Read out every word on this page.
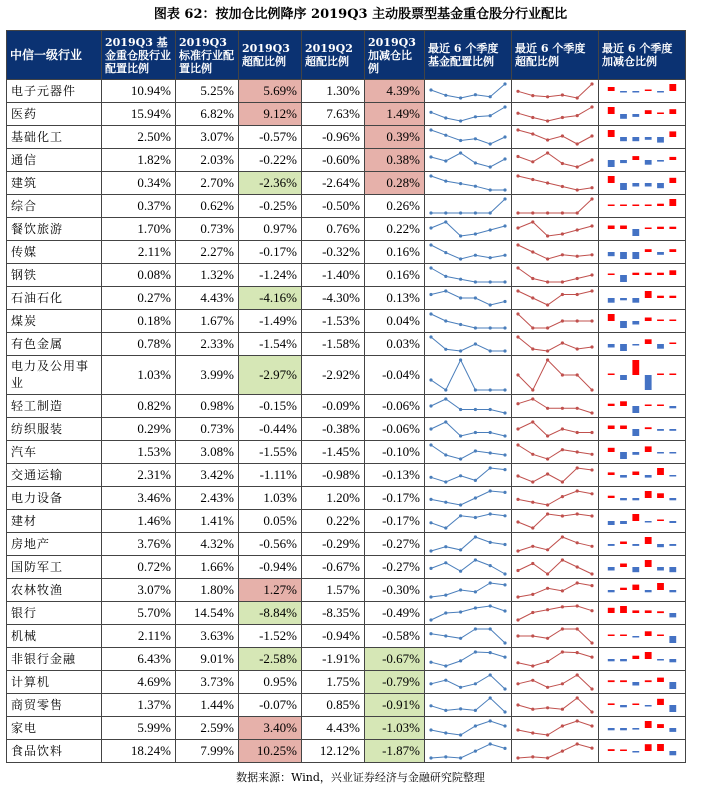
图表 62：按加仓比例降序 2019Q3 主动股票型基金重仓股分行业配比
中信一级行业	2019Q3 基金重仓股行业配置比例	2019Q3 标准行业配置比例	2019Q3 超配比例	2019Q2 超配比例	2019Q3 加减仓比例	最近 6 个季度基金配置比例	最近 6 个季度超配比例	最近 6 个季度加减仓比例
电子元器件	10.94%	5.25%	5.69%	1.30%	4.39%	

医药	15.94%	6.82%	9.12%	7.63%	1.49%	

基础化工	2.50%	3.07%	-0.57%	-0.96%	0.39%	

通信	1.82%	2.03%	-0.22%	-0.60%	0.38%	

建筑	0.34%	2.70%	-2.36%	-2.64%	0.28%	

综合	0.37%	0.62%	-0.25%	-0.50%	0.26%	

餐饮旅游	1.70%	0.73%	0.97%	0.76%	0.22%	

传媒	2.11%	2.27%	-0.17%	-0.32%	0.16%	

钢铁	0.08%	1.32%	-1.24%	-1.40%	0.16%	

石油石化	0.27%	4.43%	-4.16%	-4.30%	0.13%	

煤炭	0.18%	1.67%	-1.49%	-1.53%	0.04%	

有色金属	0.78%	2.33%	-1.54%	-1.58%	0.03%	

电力及公用事业	1.03%	3.99%	-2.97%	-2.92%	-0.04%	

轻工制造	0.82%	0.98%	-0.15%	-0.09%	-0.06%	

纺织服装	0.29%	0.73%	-0.44%	-0.38%	-0.06%	

汽车	1.53%	3.08%	-1.55%	-1.45%	-0.10%	

交通运输	2.31%	3.42%	-1.11%	-0.98%	-0.13%	

电力设备	3.46%	2.43%	1.03%	1.20%	-0.17%	

建材	1.46%	1.41%	0.05%	0.22%	-0.17%	

房地产	3.76%	4.32%	-0.56%	-0.29%	-0.27%	

国防军工	0.72%	1.66%	-0.94%	-0.67%	-0.27%	

农林牧渔	3.07%	1.80%	1.27%	1.57%	-0.30%	

银行	5.70%	14.54%	-8.84%	-8.35%	-0.49%	

机械	2.11%	3.63%	-1.52%	-0.94%	-0.58%	

非银行金融	6.43%	9.01%	-2.58%	-1.91%	-0.67%	

计算机	4.69%	3.73%	0.95%	1.75%	-0.79%	

商贸零售	1.37%	1.44%	-0.07%	0.85%	-0.91%	

家电	5.99%	2.59%	3.40%	4.43%	-1.03%	

食品饮料	18.24%	7.99%	10.25%	12.12%	-1.87%	

数据来源：Wind，兴业证券经济与金融研究院整理
